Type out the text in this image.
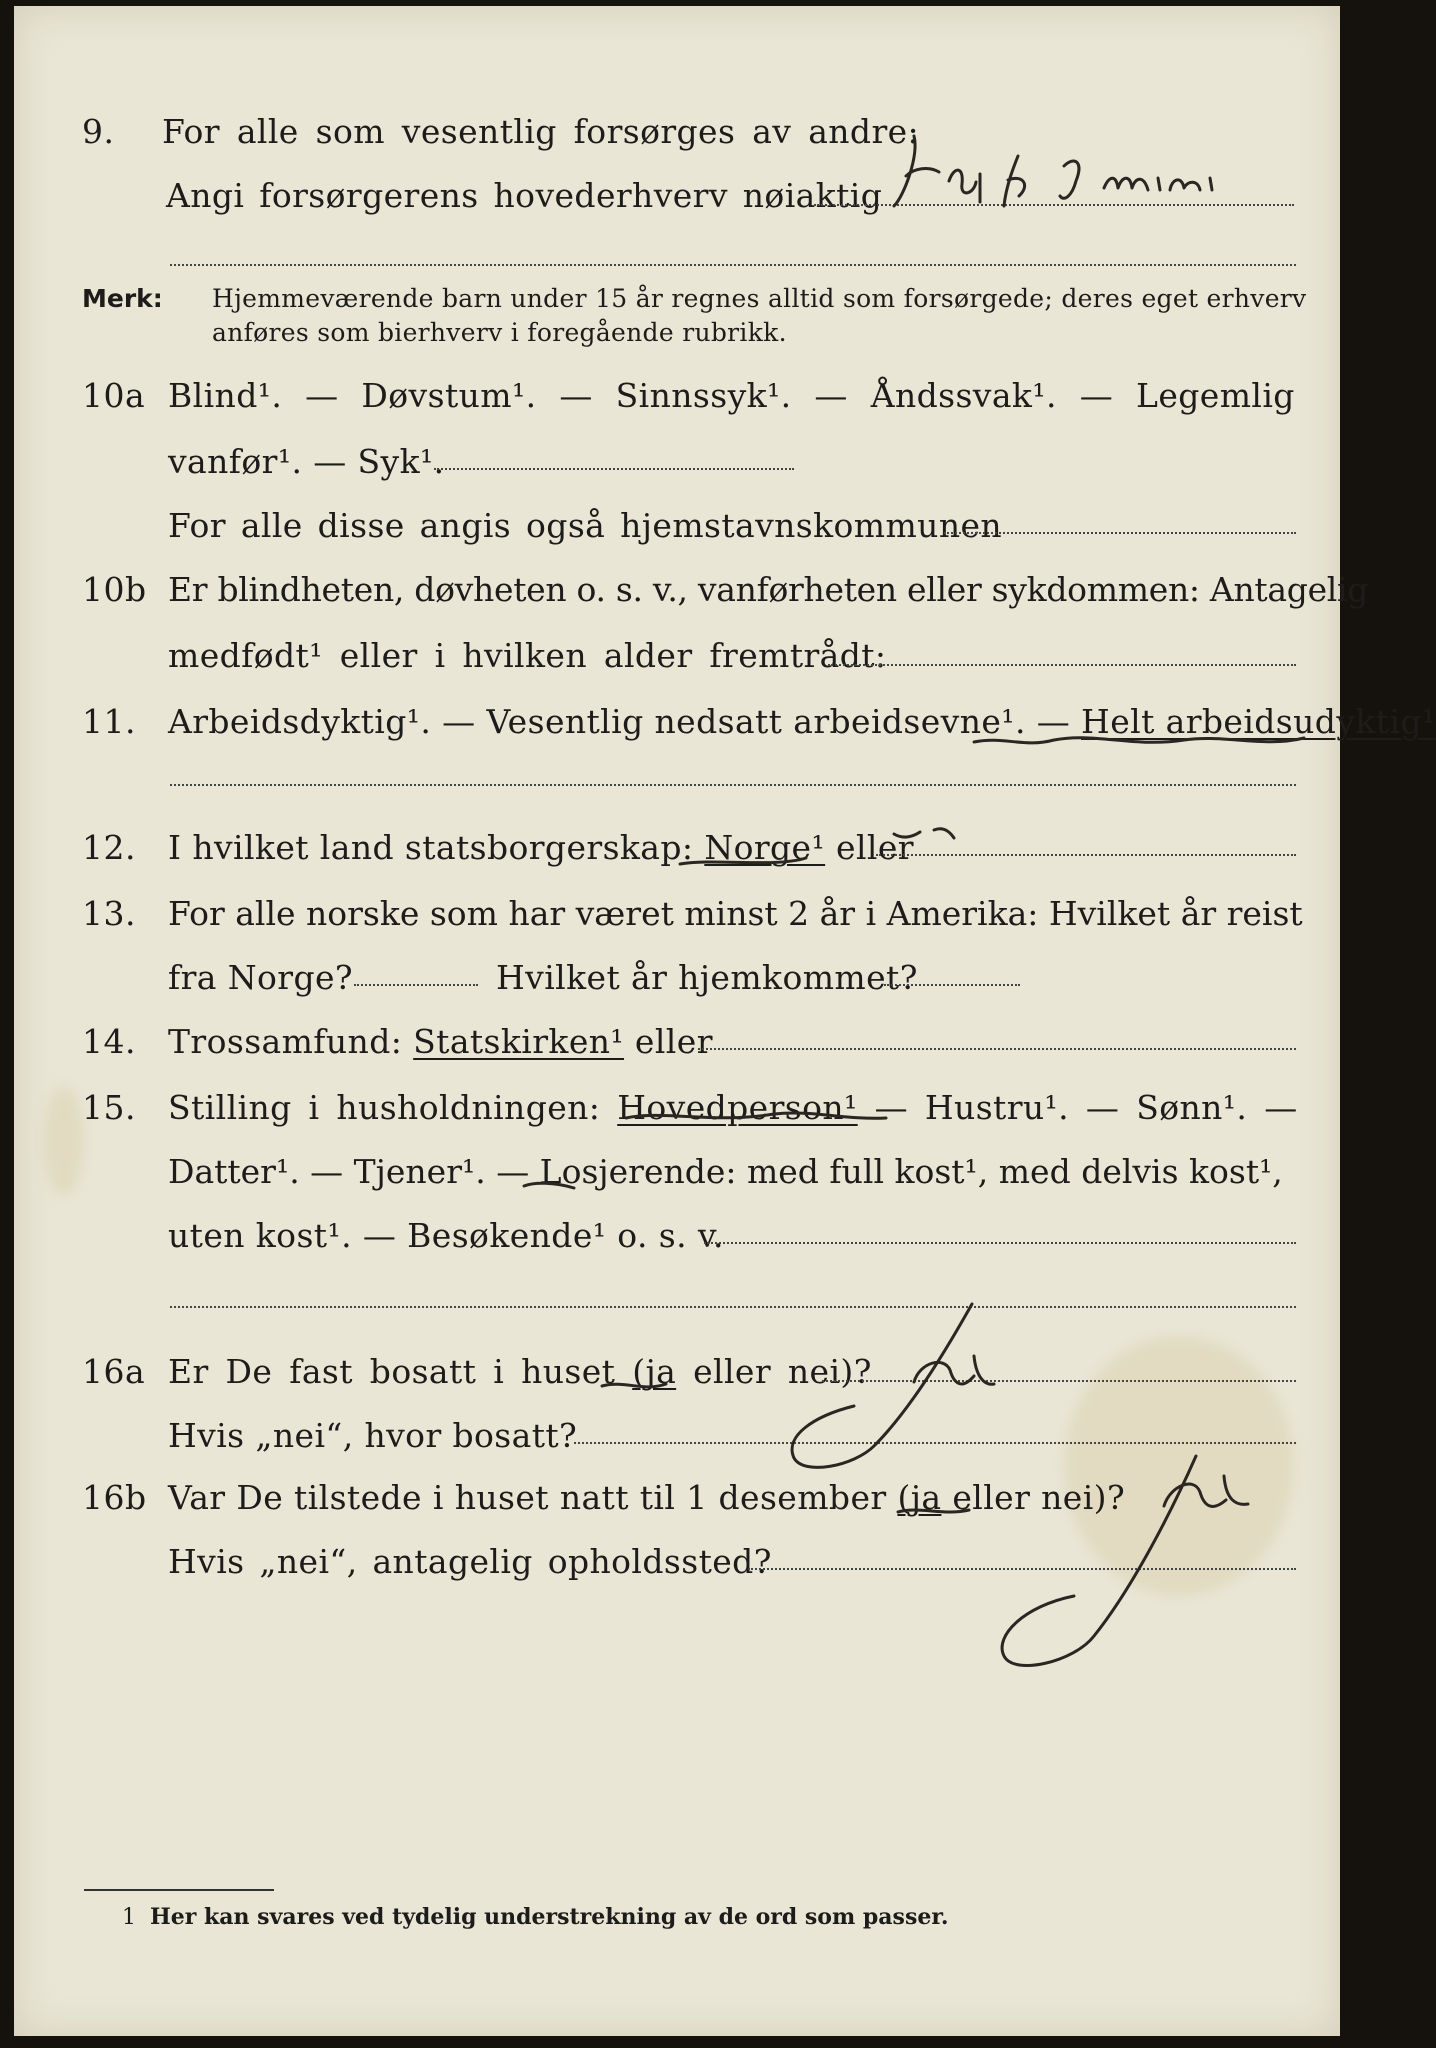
9. For alle som vesentlig forsørges av andre:
Angi forsørgerens hovederhverv nøiaktig
Merk: Hjemmeværende barn under 15 år regnes alltid som forsørgede; deres eget erhverv
anføres som bierhverv i foregående rubrikk.
10a Blind¹. — Døvstum¹. — Sinnssyk¹. — Åndssvak¹. — Legemlig
vanfør¹. — Syk¹.
For alle disse angis også hjemstavnskommunen
10b Er blindheten, døvheten o. s. v., vanførheten eller sykdommen: Antagelig
medfødt¹ eller i hvilken alder fremtrådt:
11. Arbeidsdyktig¹. — Vesentlig nedsatt arbeidsevne¹. — Helt arbeidsudyktig¹
12. I hvilket land statsborgerskap: Norge¹ eller
13. For alle norske som har været minst 2 år i Amerika: Hvilket år reist
fra Norge?	Hvilket år hjemkommet?
14. Trossamfund: Statskirken¹ eller
15. Stilling i husholdningen: Hovedperson¹ — Hustru¹. — Sønn¹. —
Datter¹. — Tjener¹. — Losjerende: med full kost¹, med delvis kost¹,
uten kost¹. — Besøkende¹ o. s. v.
16a Er De fast bosatt i huset (ja eller nei)?
Hvis „nei“, hvor bosatt?
16b Var De tilstede i huset natt til 1 desember (ja eller nei)?
Hvis „nei“, antagelig opholdssted?
1 Her kan svares ved tydelig understrekning av de ord som passer.
